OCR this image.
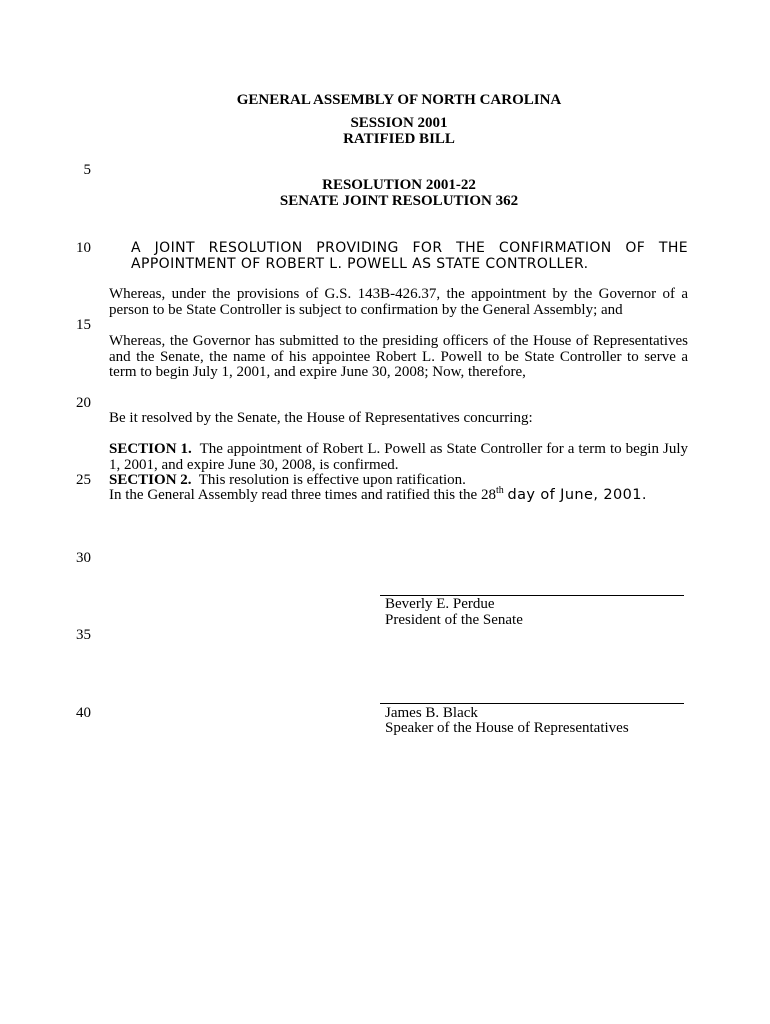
GENERAL ASSEMBLY OF NORTH CAROLINA
SESSION 2001
RATIFIED BILL
5
10
15
20
25
30
35
40
RESOLUTION 2001-22
SENATE JOINT RESOLUTION 362
A JOINT RESOLUTION PROVIDING FOR THE CONFIRMATION OF THE APPOINTMENT OF ROBERT L. POWELL AS STATE CONTROLLER.
Whereas, under the provisions of G.S. 143B-426.37, the appointment by the Governor of a person to be State Controller is subject to confirmation by the General Assembly; and
Whereas, the Governor has submitted to the presiding officers of the House of Representatives and the Senate, the name of his appointee Robert L. Powell to be State Controller to serve a term to begin July 1, 2001, and expire June 30, 2008; Now, therefore,
Be it resolved by the Senate, the House of Representatives concurring:
SECTION 1. The appointment of Robert L. Powell as State Controller for a term to begin July 1, 2001, and expire June 30, 2008, is confirmed.
SECTION 2. This resolution is effective upon ratification.
In the General Assembly read three times and ratified this the 28th day of June, 2001.
Beverly E. Perdue
President of the Senate
James B. Black
Speaker of the House of Representatives
